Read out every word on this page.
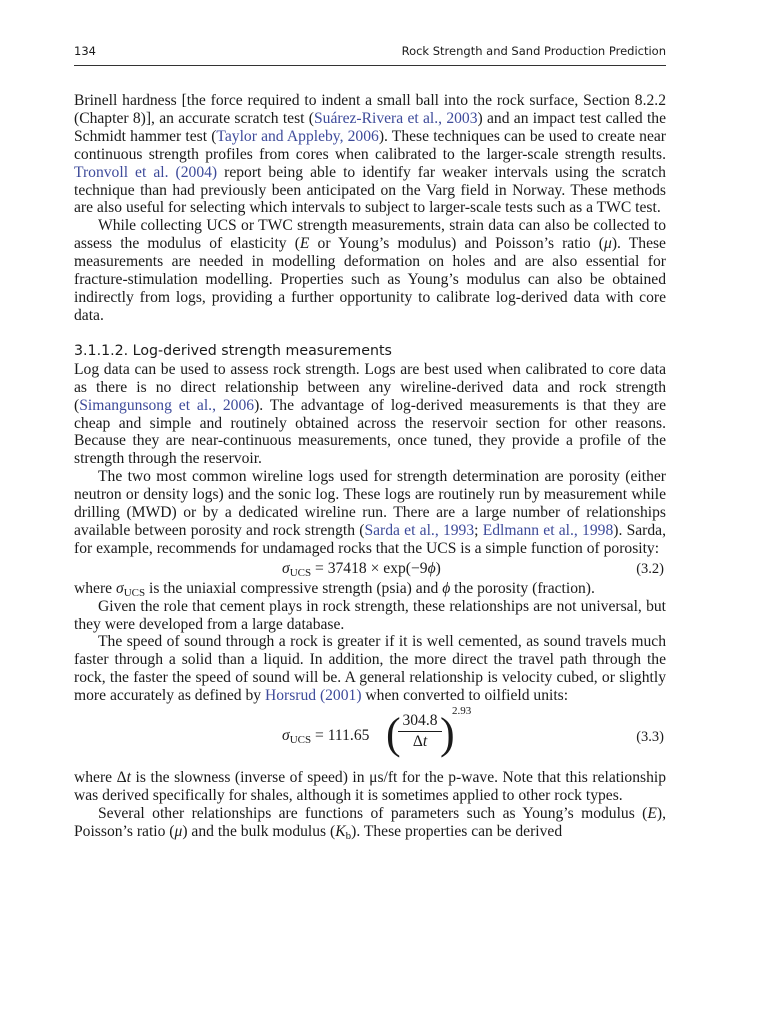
134	Rock Strength and Sand Production Prediction

Brinell hardness [the force required to indent a small ball into the rock surface, Section 8.2.2 (Chapter 8)], an accurate scratch test (Suárez-Rivera et al., 2003) and an impact test called the Schmidt hammer test (Taylor and Appleby, 2006). These techniques can be used to create near continuous strength profiles from cores when calibrated to the larger-scale strength results. Tronvoll et al. (2004) report being able to identify far weaker intervals using the scratch technique than had previously been anticipated on the Varg field in Norway. These methods are also useful for selecting which intervals to subject to larger-scale tests such as a TWC test.

While collecting UCS or TWC strength measurements, strain data can also be collected to assess the modulus of elasticity (E or Young’s modulus) and Poisson’s ratio (μ). These measurements are needed in modelling deformation on holes and are also essential for fracture-stimulation modelling. Properties such as Young’s modulus can also be obtained indirectly from logs, providing a further opportunity to calibrate log-derived data with core data.

3.1.1.2. Log-derived strength measurements

Log data can be used to assess rock strength. Logs are best used when calibrated to core data as there is no direct relationship between any wireline-derived data and rock strength (Simangunsong et al., 2006). The advantage of log-derived measurements is that they are cheap and simple and routinely obtained across the reservoir section for other reasons. Because they are near-continuous measurements, once tuned, they provide a profile of the strength through the reservoir.

The two most common wireline logs used for strength determination are porosity (either neutron or density logs) and the sonic log. These logs are routinely run by measurement while drilling (MWD) or by a dedicated wireline run. There are a large number of relationships available between porosity and rock strength (Sarda et al., 1993; Edlmann et al., 1998). Sarda, for example, recommends for undamaged rocks that the UCS is a simple function of porosity:

$\sigma_{UCS} = 37418 \times \exp(-9\phi)$	(3.2)

where $\sigma_{UCS}$ is the uniaxial compressive strength (psia) and ϕ the porosity (fraction).

Given the role that cement plays in rock strength, these relationships are not universal, but they were developed from a large database.

The speed of sound through a rock is greater if it is well cemented, as sound travels much faster through a solid than a liquid. In addition, the more direct the travel path through the rock, the faster the speed of sound will be. A general relationship is velocity cubed, or slightly more accurately as defined by Horsrud (2001) when converted to oilfield units:

$\sigma_{UCS} = 111.65$ (
$\frac{304.8}{\Delta t}$
)
2.93
(3.3)

where Δt is the slowness (inverse of speed) in μs/ft for the p-wave. Note that this relationship was derived specifically for shales, although it is sometimes applied to other rock types.

Several other relationships are functions of parameters such as Young’s modulus (E), Poisson’s ratio (μ) and the bulk modulus $(K_b)$. These properties can be derived
